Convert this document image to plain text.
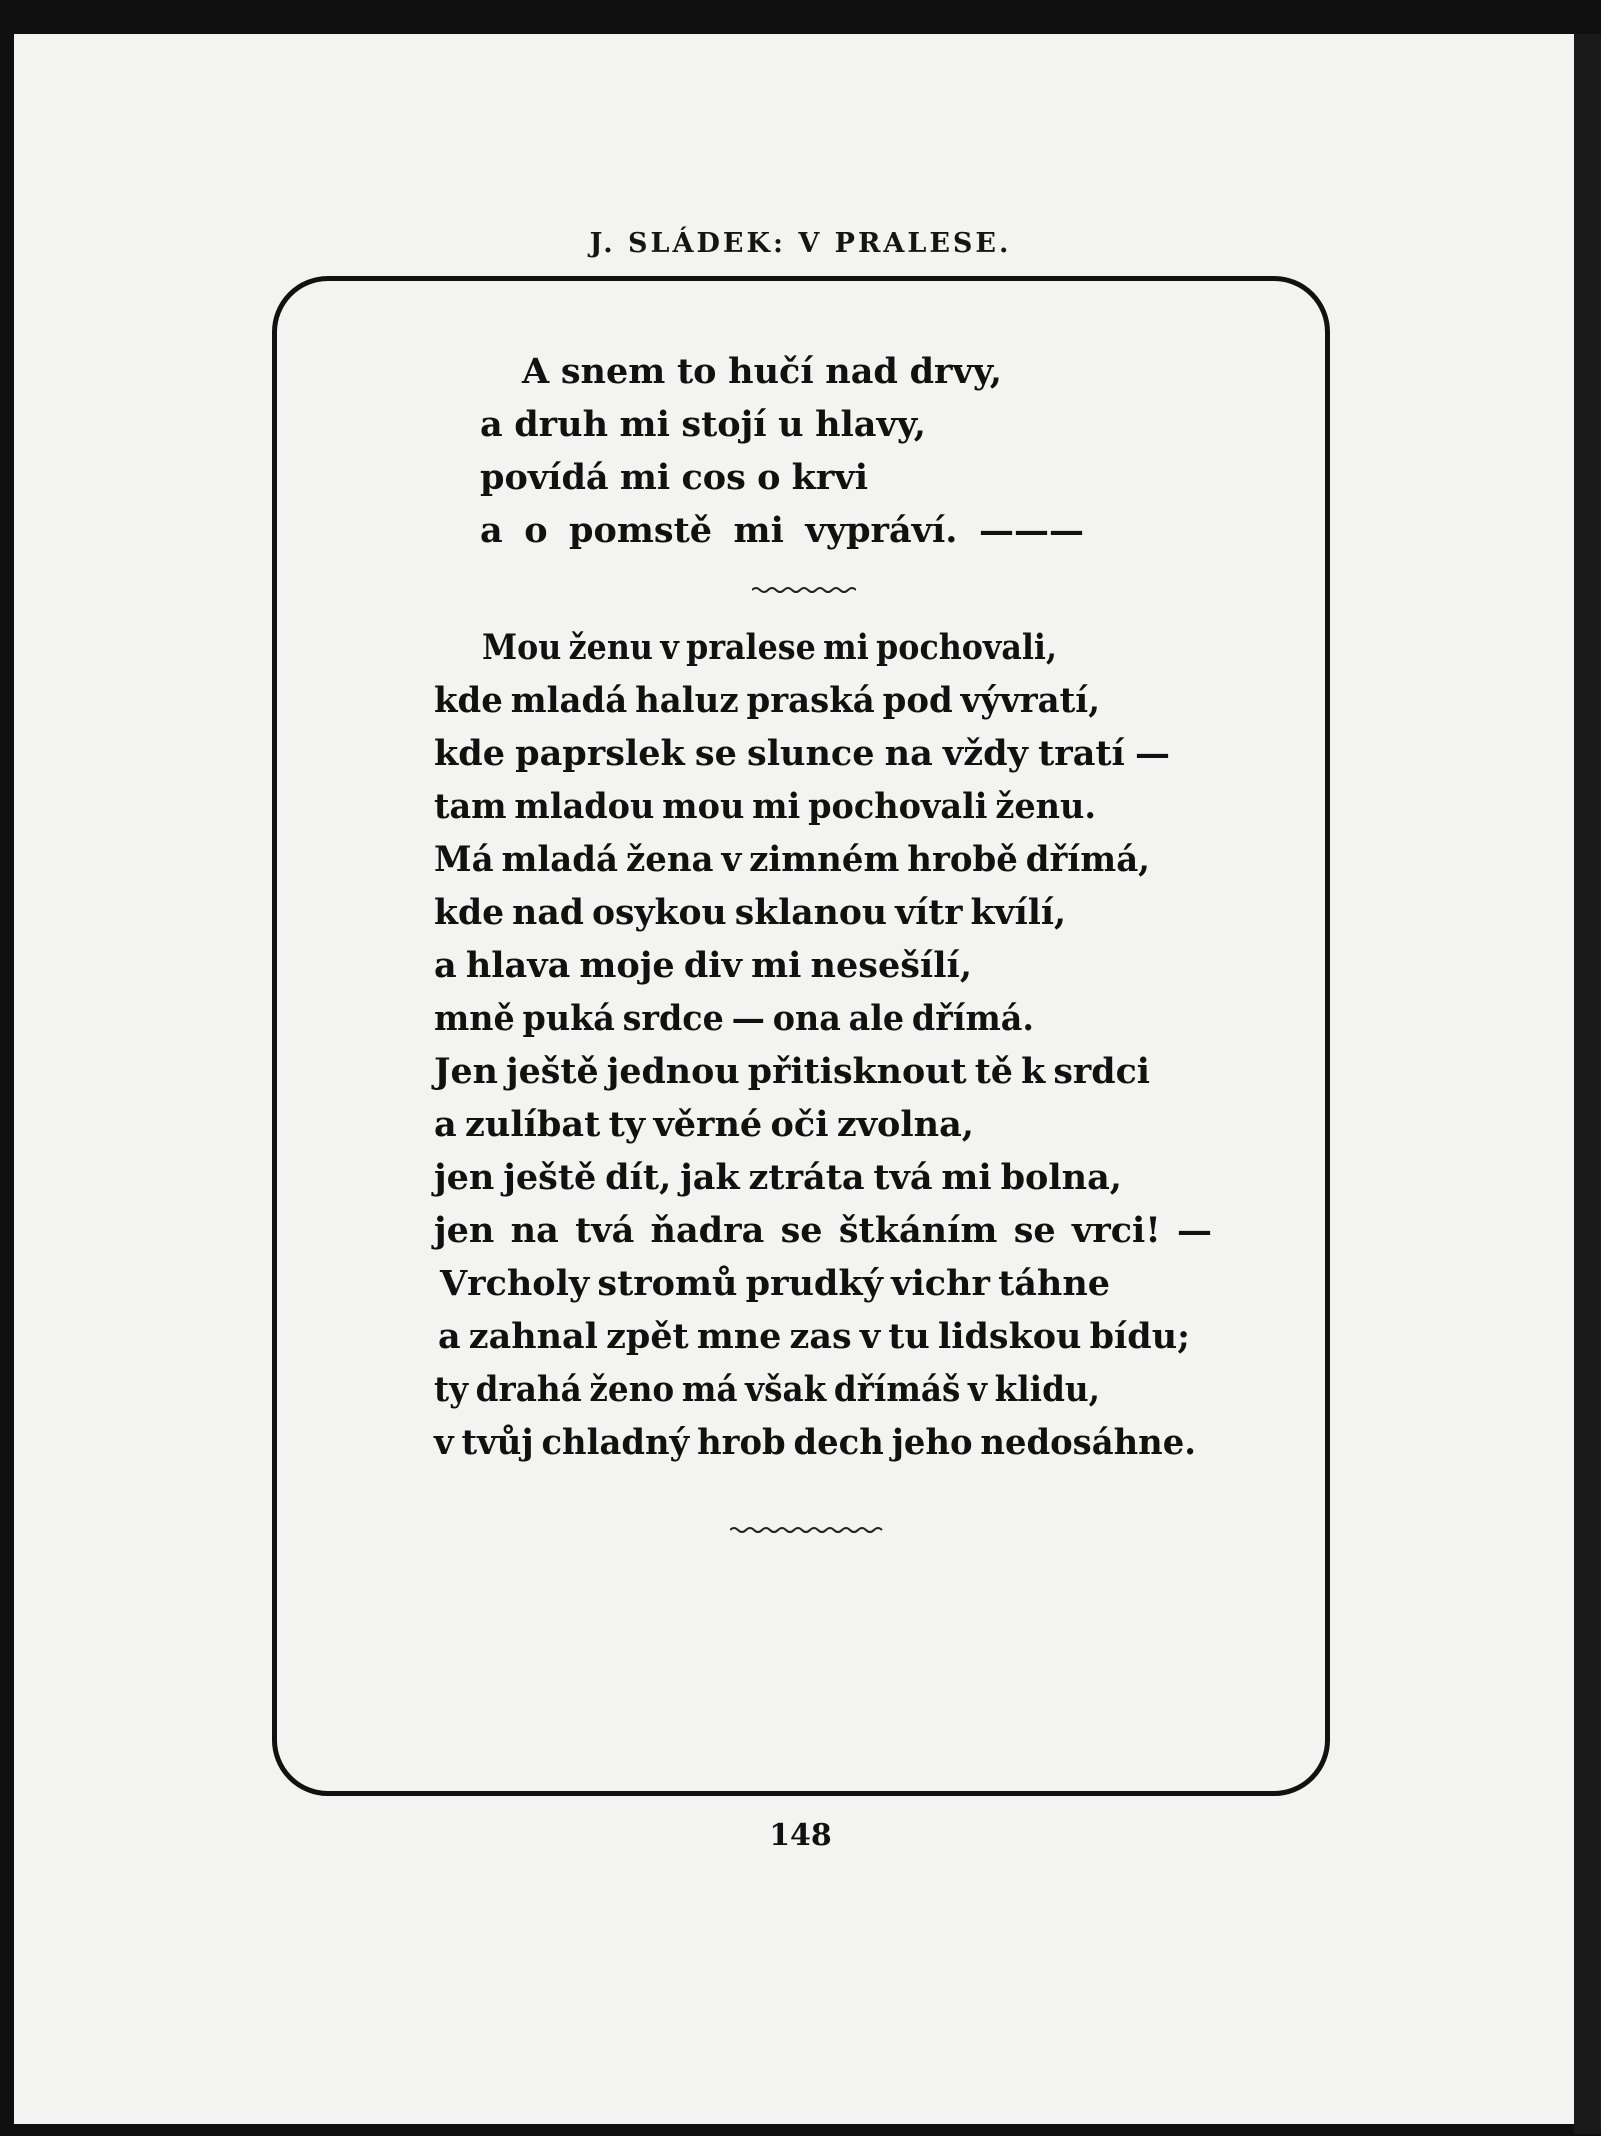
J. SLÁDEK: V PRALESE.
A snem to hučí nad drvy,
a druh mi stojí u hlavy,
povídá mi cos o krvi
a o pomstě mi vypráví. ———
Mou ženu v pralese mi pochovali,
kde mladá haluz praská pod vývratí,
kde paprslek se slunce na vždy tratí —
tam mladou mou mi pochovali ženu.
Má mladá žena v zimném hrobě dřímá,
kde nad osykou sklanou vítr kvílí,
a hlava moje div mi nesešílí,
mně puká srdce — ona ale dřímá.
Jen ještě jednou přitisknout tě k srdci
a zulíbat ty věrné oči zvolna,
jen ještě dít, jak ztráta tvá mi bolna,
jen na tvá ňadra se štkáním se vrci! —
Vrcholy stromů prudký vichr táhne
a zahnal zpět mne zas v tu lidskou bídu;
ty drahá ženo má však dřímáš v klidu,
v tvůj chladný hrob dech jeho nedosáhne.
148
